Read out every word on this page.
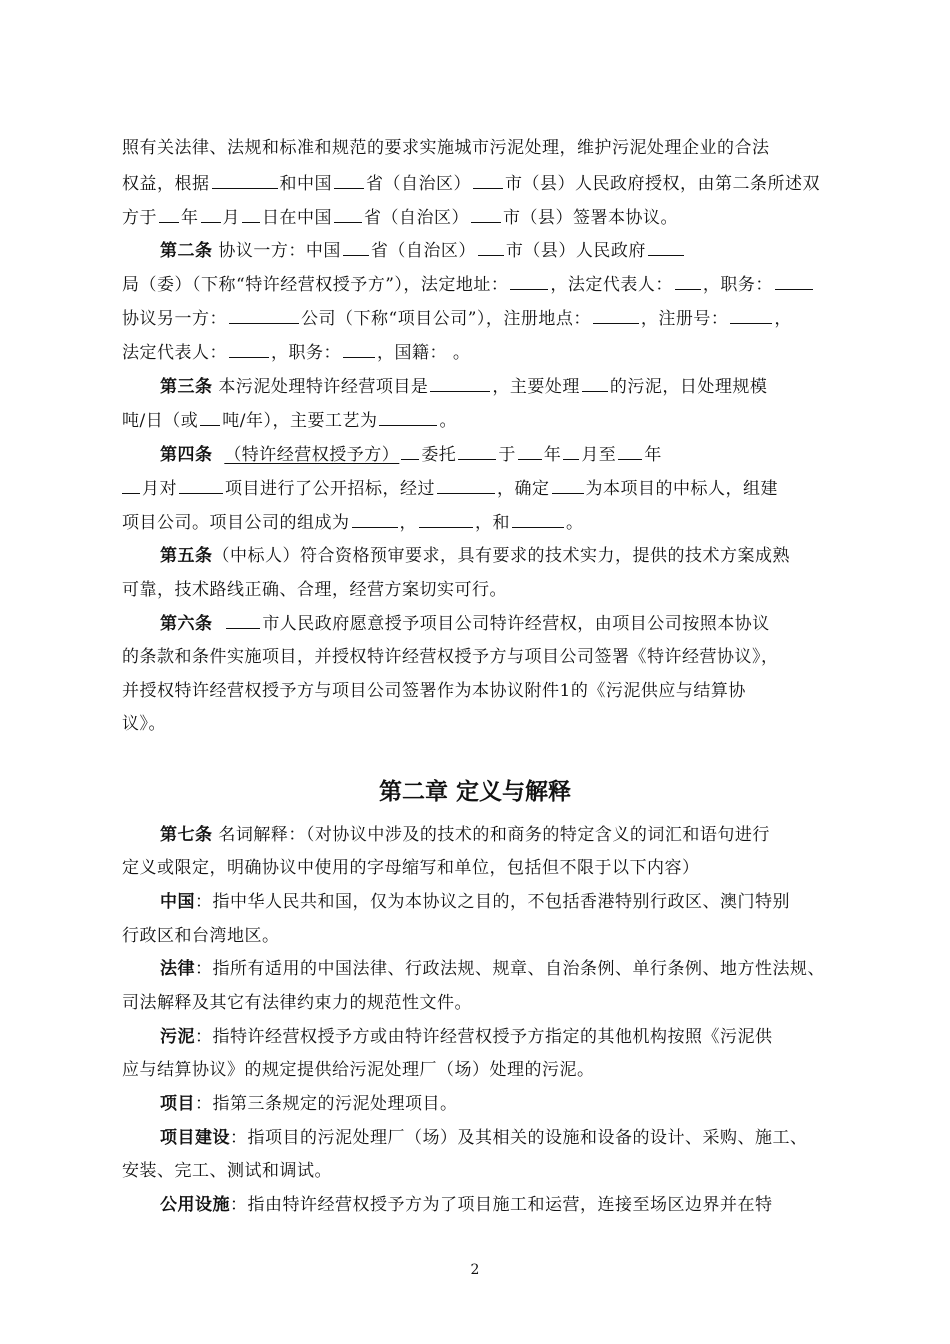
照有关法律、法规和标准和规范的要求实施城市污泥处理，维护污泥处理企业的合法
权益，根据	和中国 省（自治区） 市（县）人民政府授权，由第二条所述双
方于 年 月 日在中国 省（自治区） 市（县）签署本协议。
第二条 协议一方：中国 省（自治区） 市（县）人民政府
局（委）（下称“特许经营权授予方”），法定地址： ，法定代表人： ，职务：
协议另一方：	公司（下称“项目公司”），注册地点：	，注册号：	，
法定代表人：	，职务： ，国籍： 。
第三条 本污泥处理特许经营项目是	，主要处理 的污泥，日处理规模
吨/日（或 吨/年），主要工艺为	。
第四条 （特许经营权授予方） 委托 于 年 月至 年
月对	项目进行了公开招标，经过	，确定 为本项目的中标人，组建
项目公司。项目公司的组成为	，	，和	。
第五条（中标人）符合资格预审要求，具有要求的技术实力，提供的技术方案成熟
可靠，技术路线正确、合理，经营方案切实可行。
第六条	市人民政府愿意授予项目公司特许经营权，由项目公司按照本协议
的条款和条件实施项目，并授权特许经营权授予方与项目公司签署《特许经营协议》，
并授权特许经营权授予方与项目公司签署作为本协议附件1的《污泥供应与结算协
议》。
第二章 定义与解释
第七条 名词解释：（对协议中涉及的技术的和商务的特定含义的词汇和语句进行
定义或限定，明确协议中使用的字母缩写和单位，包括但不限于以下内容）
中国：指中华人民共和国，仅为本协议之目的，不包括香港特别行政区、澳门特别
行政区和台湾地区。
法律：指所有适用的中国法律、行政法规、规章、自治条例、单行条例、地方性法规、
司法解释及其它有法律约束力的规范性文件。
污泥：指特许经营权授予方或由特许经营权授予方指定的其他机构按照《污泥供
应与结算协议》的规定提供给污泥处理厂（场）处理的污泥。
项目：指第三条规定的污泥处理项目。
项目建设：指项目的污泥处理厂（场）及其相关的设施和设备的设计、采购、施工、
安装、完工、测试和调试。
公用设施：指由特许经营权授予方为了项目施工和运营，连接至场区边界并在特
2
